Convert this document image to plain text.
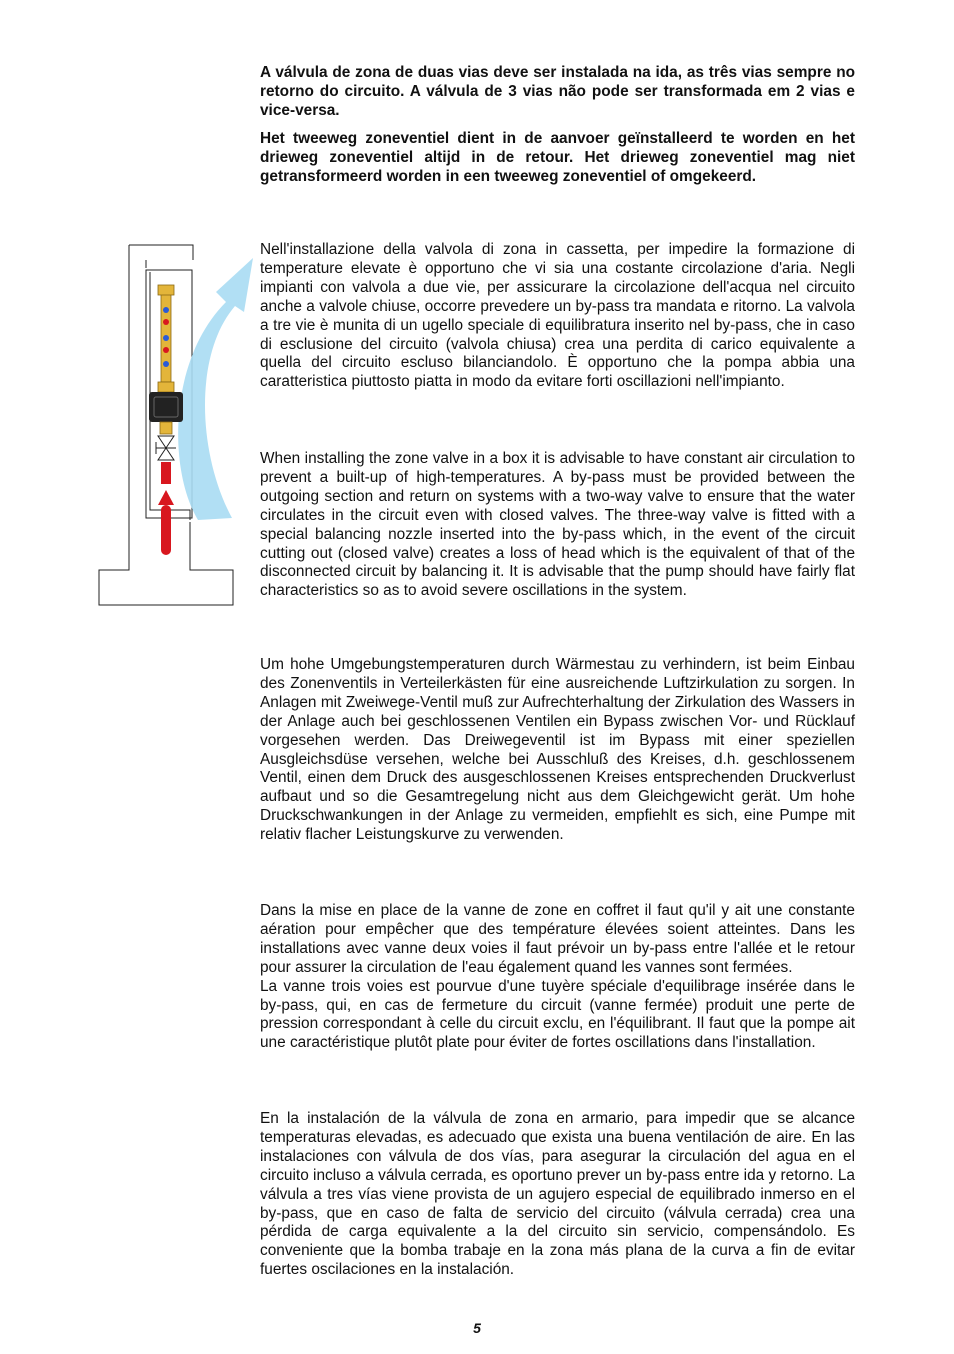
A válvula de zona de duas vias deve ser instalada na ida, as três vias sempre no retorno do circuito. A válvula de 3 vias não pode ser transformada em 2 vias e vice-versa.

Het tweeweg zoneventiel dient in de aanvoer geïnstalleerd te worden en het drieweg zoneventiel altijd in de retour. Het drieweg zoneventiel mag niet getransformeerd worden in een tweeweg zoneventiel of omgekeerd.

Nell'installazione della valvola di zona in cassetta, per impedire la formazione di temperature elevate è opportuno che vi sia una costante circolazione d'aria. Negli impianti con valvola a due vie, per assicurare la circolazione dell'acqua nel circuito anche a valvole chiuse, occorre prevedere un by-pass tra mandata e ritorno. La valvola a tre vie è munita di un ugello speciale di equilibratura inserito nel by-pass, che in caso di esclusione del circuito (valvola chiusa) crea una perdita di carico equivalente a quella del circuito escluso bilanciandolo. È opportuno che la pompa abbia una caratteristica piuttosto piatta in modo da evitare forti oscillazioni nell'impianto.

When installing the zone valve in a box it is advisable to have constant air circulation to prevent a built-up of high-temperatures. A by-pass must be provided between the outgoing section and return on systems with a two-way valve to ensure that the water circulates in the circuit even with closed valves. The three-way valve is fitted with a special balancing nozzle inserted into the by-pass which, in the event of the circuit cutting out (closed valve) creates a loss of head which is the equivalent of that of the disconnected circuit by balancing it. It is advisable that the pump should have fairly flat characteristics so as to avoid severe oscillations in the system.

Um hohe Umgebungstemperaturen durch Wärmestau zu verhindern, ist beim Einbau des Zonenventils in Verteilerkästen für eine ausreichende Luftzirkulation zu sorgen. In Anlagen mit Zweiwege-Ventil muß zur Aufrechterhaltung der Zirkulation des Wassers in der Anlage auch bei geschlossenen Ventilen ein Bypass zwischen Vor- und Rücklauf vorgesehen werden. Das Dreiwegeventil ist im Bypass mit einer speziellen Ausgleichsdüse versehen, welche bei Ausschluß des Kreises, d.h. geschlossenem Ventil, einen dem Druck des ausgeschlossenen Kreises entsprechenden Druckverlust aufbaut und so die Gesamtregelung nicht aus dem Gleichgewicht gerät. Um hohe Druckschwankungen in der Anlage zu vermeiden, empfiehlt es sich, eine Pumpe mit relativ flacher Leistungskurve zu verwenden.

Dans la mise en place de la vanne de zone en coffret il faut qu'il y ait une constante aération pour empêcher que des température élevées soient atteintes. Dans les installations avec vanne deux voies il faut prévoir un by-pass entre l'allée et le retour pour assurer la circulation de l'eau également quand les vannes sont fermées.
La vanne trois voies est pourvue d'une tuyère spéciale d'equilibrage insérée dans le by-pass, qui, en cas de fermeture du circuit (vanne fermée) produit une perte de pression correspondant à celle du circuit exclu, en l'équilibrant. Il faut que la pompe ait une caractéristique plutôt plate pour éviter de fortes oscillations dans l'installation.

En la instalación de la válvula de zona en armario, para impedir que se alcance temperaturas elevadas, es adecuado que exista una buena ventilación de aire. En las instalaciones con válvula de dos vías, para asegurar la circulación del agua en el circuito incluso a válvula cerrada, es oportuno prever un by-pass entre ida y retorno. La válvula a tres vías viene provista de un agujero especial de equilibrado inmerso en el by-pass, que en caso de falta de servicio del circuito (válvula cerrada) crea una pérdida de carga equivalente a la del circuito sin servicio, compensándolo. Es conveniente que la bomba trabaje en la zona más plana de la curva a fin de evitar fuertes oscilaciones en la instalación.

5
